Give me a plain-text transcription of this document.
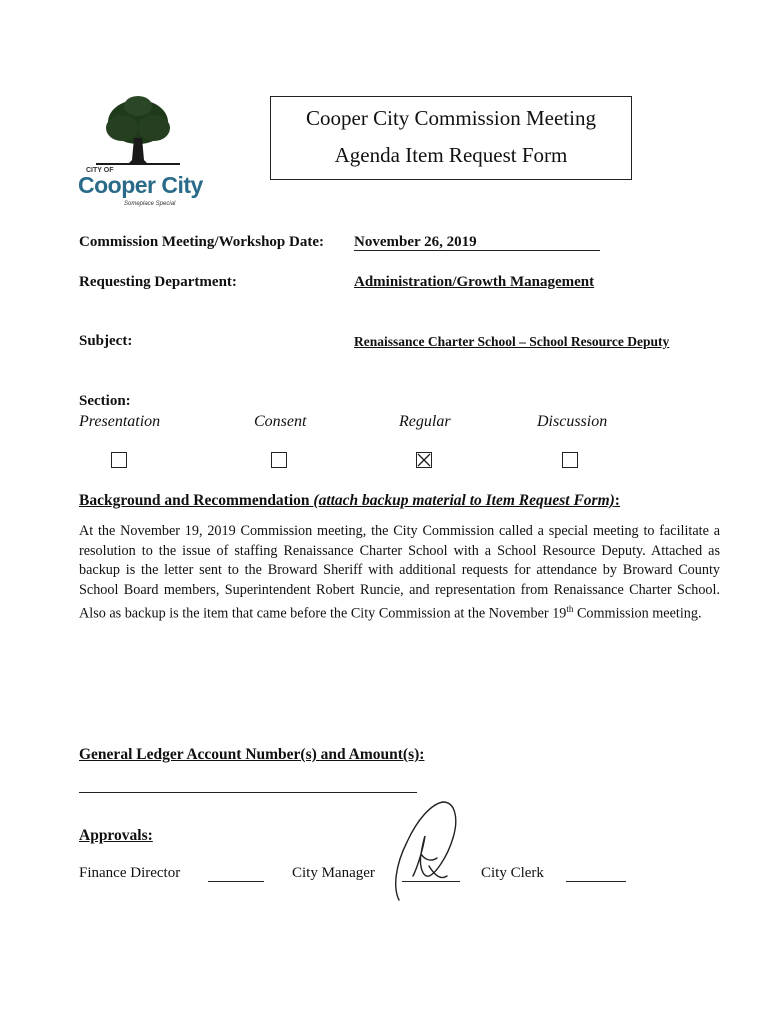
CITY OF
Cooper City
Someplace Special
Cooper City Commission Meeting
Agenda Item Request Form
Commission Meeting/Workshop Date: November 26, 2019
Requesting Department:	Administration/Growth Management
Subject:	Renaissance Charter School – School Resource Deputy
Section:
Presentation	Consent	Regular	Discussion
Background and Recommendation (attach backup material to Item Request Form):
At the November 19, 2019 Commission meeting, the City Commission called a special meeting to facilitate a resolution to the issue of staffing Renaissance Charter School with a School Resource Deputy. Attached as backup is the letter sent to the Broward Sheriff with additional requests for attendance by Broward County School Board members, Superintendent Robert Runcie, and representation from Renaissance Charter School. Also as backup is the item that came before the City Commission at the November 19th Commission meeting.
General Ledger Account Number(s) and Amount(s):
Approvals:
Finance Director	City Manager	City Clerk
